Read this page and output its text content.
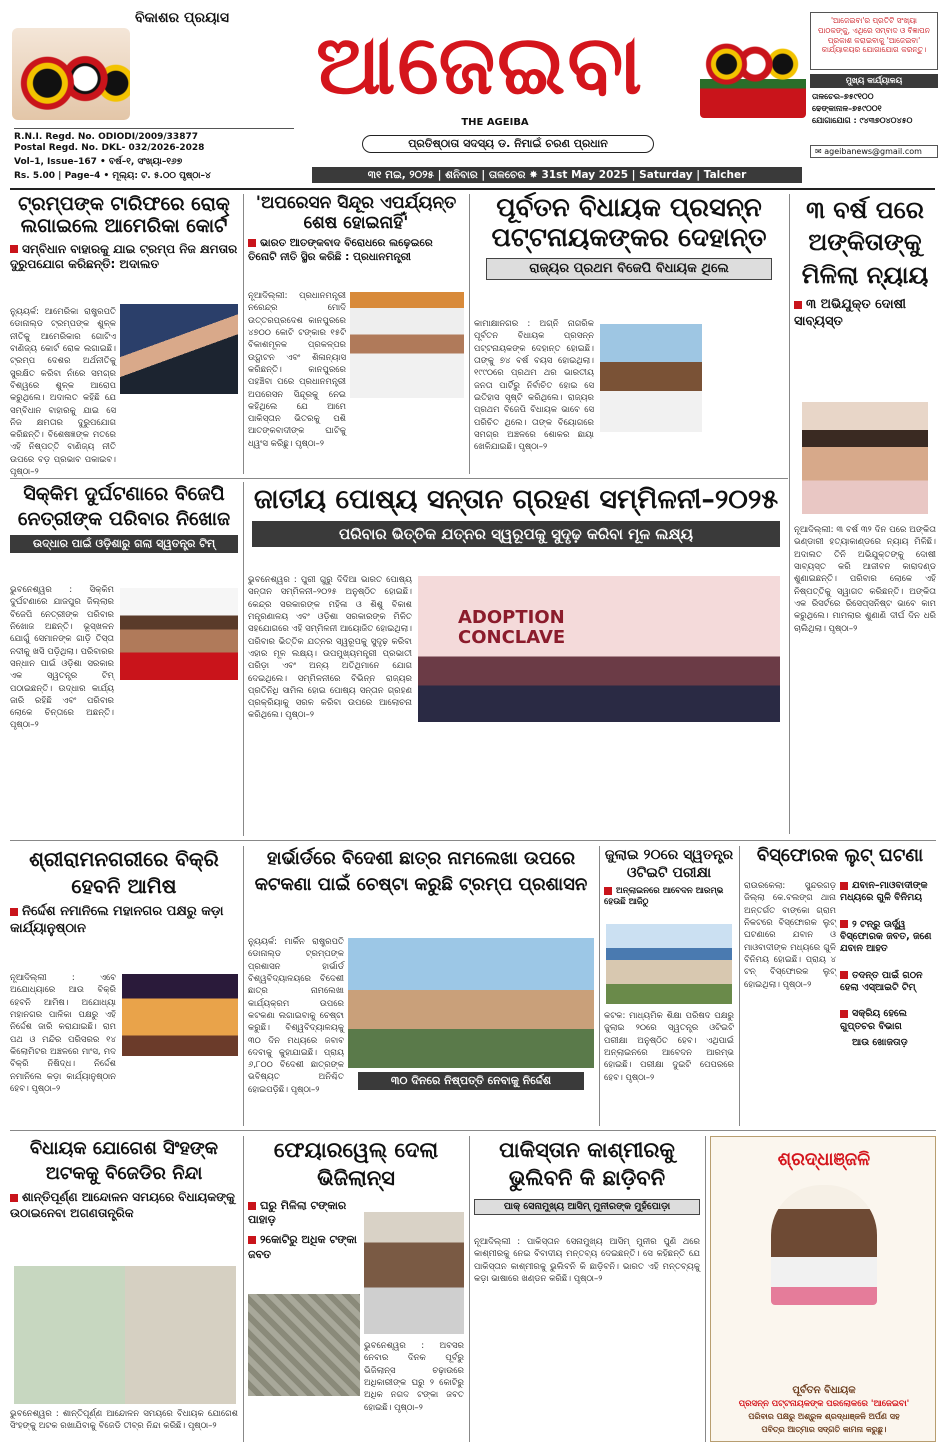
ବିକାଶର ପ୍ରୟାସ	ଆଜେଇବା
THE AGEIBA
ପ୍ରତିଷ୍ଠାତା ସଦସ୍ୟ ଡ. ନିମାଇଁ ଚରଣ ପ୍ରଧାନ
'ଆଜେଇବା'ର ପ୍ରତିଟି ସଂଖ୍ୟା ପାଠକଙ୍କୁ, ଏଥିରେ ସମ୍ବାଦ ଓ ବିଜ୍ଞାପନ ପ୍ରକାଶ କରାଇବାକୁ 'ଆଜେଇବା' କାର୍ଯ୍ୟାଳୟର ଯୋଗାଯୋଗ କରନ୍ତୁ।
ମୁଖ୍ୟ କାର୍ଯ୍ୟାଳୟ
ତାଳଚେର–୭୫୯୧୦୦
ଢେଙ୍କାନାଳ–୭୫୯୦୦୧
ଯୋଗାଯୋଗ : ୯୪୩୭୦୪୦୪୫୦
✉ ageibanews@gmail.com
R.N.I. Regd. No. ODIODI/2009/33877
Postal Regd. No. DKL- 032/2026-2028
Vol–1, Issue–167 • ବର୍ଷ–୧, ସଂଖ୍ୟା–୧୬୭
Rs. 5.00 | Page–4 • ମୂଲ୍ୟ: ଟ. ୫.୦୦ ପୃଷ୍ଠା–୪	୩୧ ମଇ, ୨୦୨୫ | ଶନିବାର | ତାଳଚେର ✸ 31st May 2025 | Saturday | Talcher
ଟ୍ରମ୍ପଙ୍କ ଟାରିଫରେ ରୋକ୍ ଲଗାଇଲେ ଆମେରିକା କୋର୍ଟ
ସମ୍ବିଧାନ ବାହାରକୁ ଯାଇ ଟ୍ରମ୍ପ ନିଜ କ୍ଷମତାର ଦୁରୁପଯୋଗ କରିଛନ୍ତି: ଅଦାଲତ
ନ୍ୟୁୟର୍କ: ଆମେରିକା ରାଷ୍ଟ୍ରପତି ଡୋନାଲ୍ଡ ଟ୍ରମ୍ପଙ୍କ ଶୁଳ୍କ ନୀତିକୁ ଆମେରିକାର ଗୋଟିଏ ବାଣିଜ୍ୟ କୋର୍ଟ ରୋକ ଲଗାଇଛି। ଟ୍ରମ୍ପ ଦେଶର ଅର୍ଥନୀତିକୁ ସୁରକ୍ଷିତ କରିବା ନାଁରେ ସମଗ୍ର ବିଶ୍ୱରେ ଶୁଳ୍କ ଆରୋପ କରୁଥିଲେ। ଅଦାଲତ କହିଛି ଯେ ସମ୍ବିଧାନ ବାହାରକୁ ଯାଇ ସେ ନିଜ କ୍ଷମତାର ଦୁରୁପଯୋଗ କରିଛନ୍ତି। ବିଶେଷଜ୍ଞଙ୍କ ମତରେ ଏହି ନିଷ୍ପତ୍ତି ବାଣିଜ୍ୟ ନୀତି ଉପରେ ବଡ଼ ପ୍ରଭାବ ପକାଇବ। ପୃଷ୍ଠା–୨
'ଅପରେସନ ସିନ୍ଦୂର ଏପର୍ଯ୍ୟନ୍ତ ଶେଷ ହୋଇନାହିଁ'
ଭାରତ ଆତଙ୍କବାଦ ବିରୋଧରେ ଲଢ଼େଇରେ ତିନୋଟି ନୀତି ସ୍ଥିର କରିଛି : ପ୍ରଧାନମନ୍ତ୍ରୀ
ନୂଆଦିଲ୍ଲୀ: ପ୍ରଧାନମନ୍ତ୍ରୀ ନରେନ୍ଦ୍ର ମୋଦି ଉତ୍ତରପ୍ରଦେଶ କାନପୁରରେ ୪୭୦୦ କୋଟି ଟଙ୍କାର ୧୫ଟି ବିକାଶମୂଳକ ପ୍ରକଳ୍ପର ଉଦ୍ଘାଟନ ଏବଂ ଶିଳାନ୍ୟାସ କରିଛନ୍ତି। କାନପୁରରେ ପହଞ୍ଚିବା ପରେ ପ୍ରଧାନମନ୍ତ୍ରୀ ଅପରେସନ ସିନ୍ଦୂରକୁ ନେଇ କହିଥିଲେ ଯେ ଆମେ ପାକିସ୍ତାନ ଭିତରକୁ ପଶି ଆତଙ୍କବାଦୀଙ୍କ ଘାଟିକୁ ଧ୍ୱଂସ କରିଛୁ। ପୃଷ୍ଠା–୨
ପୂର୍ବତନ ବିଧାୟକ ପ୍ରସନ୍ନ ପଟ୍ଟନାୟକଙ୍କର ଦେହାନ୍ତ
ରାଜ୍ୟର ପ୍ରଥମ ବିଜେପି ବିଧାୟକ ଥିଲେ
କାମାକ୍ଷାନଗର : ଅଗ୍ନି ନାଗରିକ ପୂର୍ବତନ ବିଧାୟକ ପ୍ରସନ୍ନ ପଟ୍ଟନାୟକଙ୍କ ଦେହାନ୍ତ ହୋଇଛି। ତାଙ୍କୁ ୭୪ ବର୍ଷ ବୟସ ହୋଇଥିଲା। ୧୯୯୦ରେ ପ୍ରଥମ ଥର ଭାରତୀୟ ଜନତା ପାର୍ଟିରୁ ନିର୍ବାଚିତ ହୋଇ ସେ ଇତିହାସ ସୃଷ୍ଟି କରିଥିଲେ। ରାଜ୍ୟର ପ୍ରଥମ ବିଜେପି ବିଧାୟକ ଭାବେ ସେ ପରିଚିତ ଥିଲେ। ତାଙ୍କ ବିୟୋଗରେ ସମଗ୍ର ଅଞ୍ଚଳରେ ଶୋକର ଛାୟା ଖେଳିଯାଇଛି। ପୃଷ୍ଠା–୨
୩ ବର୍ଷ ପରେ ଅଙ୍କିତାଙ୍କୁ ମିଳିଲା ନ୍ୟାୟ
୩ ଅଭିଯୁକ୍ତ ଦୋଷୀ ସାବ୍ୟସ୍ତ
ନୂଆଦିଲ୍ଲୀ: ୩ ବର୍ଷ ୩୨ ଦିନ ପରେ ଅଙ୍କିତା ଭଣ୍ଡାରୀ ହତ୍ୟାକାଣ୍ଡରେ ନ୍ୟାୟ ମିଳିଛି। ଅଦାଲତ ତିନି ଅଭିଯୁକ୍ତଙ୍କୁ ଦୋଷୀ ସାବ୍ୟସ୍ତ କରି ଆଜୀବନ କାରାଦଣ୍ଡ ଶୁଣାଇଛନ୍ତି। ପରିବାର ଲୋକେ ଏହି ନିଷ୍ପତ୍ତିକୁ ସ୍ୱାଗତ କରିଛନ୍ତି। ଅଙ୍କିତା ଏକ ରିସର୍ଟରେ ରିସେପ୍ସନିଷ୍ଟ ଭାବେ କାମ କରୁଥିଲେ। ମାମଲାର ଶୁଣାଣି ଦୀର୍ଘ ଦିନ ଧରି ଚାଲିଥିଲା। ପୃଷ୍ଠା–୨
ସିକ୍କିମ ଦୁର୍ଘଟଣାରେ ବିଜେପି ନେତ୍ରୀଙ୍କ ପରିବାର ନିଖୋଜ
ଉଦ୍ଧାର ପାଇଁ ଓଡ଼ିଶାରୁ ଗଲା ସ୍ୱତନ୍ତ୍ର ଟିମ୍
ଭୁବନେଶ୍ୱର : ସିକ୍କିମ ଦୁର୍ଘଟଣାରେ ଯାଜପୁର ଜିଲ୍ଲାର ବିଜେପି ନେତ୍ରୀଙ୍କ ପରିବାର ନିଖୋଜ ଅଛନ୍ତି। ଭୂସ୍ଖଳନ ଯୋଗୁଁ ସେମାନଙ୍କ ଗାଡ଼ି ତିସ୍ତା ନଦୀକୁ ଖସି ପଡ଼ିଥିଲା। ପରିବାରର ସନ୍ଧାନ ପାଇଁ ଓଡ଼ିଶା ସରକାର ଏକ ସ୍ୱତନ୍ତ୍ର ଟିମ୍ ପଠାଇଛନ୍ତି। ଉଦ୍ଧାର କାର୍ଯ୍ୟ ଜାରି ରହିଛି ଏବଂ ପରିବାର ଲୋକେ ଚିନ୍ତାରେ ଅଛନ୍ତି। ପୃଷ୍ଠା–୨
ଜାତୀୟ ପୋଷ୍ୟ ସନ୍ତାନ ଗ୍ରହଣ ସମ୍ମିଳନୀ–୨୦୨୫
ପରିବାର ଭିତ୍ତିକ ଯତ୍ନର ସ୍ୱରୂପକୁ ସୁଦୃଢ଼ କରିବା ମୂଳ ଲକ୍ଷ୍ୟ
ଭୁବନେଶ୍ୱର : ପୁରୀ ଗୁରୁ ଦିଦିଆ ଭାରତ ପୋଷ୍ୟ ସନ୍ତାନ ସମ୍ମିଳନୀ–୨୦୨୫ ଅନୁଷ୍ଠିତ ହୋଇଛି। କେନ୍ଦ୍ର ସରକାରଙ୍କ ମହିଳା ଓ ଶିଶୁ ବିକାଶ ମନ୍ତ୍ରଣାଳୟ ଏବଂ ଓଡ଼ିଶା ସରକାରଙ୍କ ମିଳିତ ସହଯୋଗରେ ଏହି ସମ୍ମିଳନୀ ଆୟୋଜିତ ହୋଇଥିଲା। ପରିବାର ଭିତ୍ତିକ ଯତ୍ନର ସ୍ୱରୂପକୁ ସୁଦୃଢ଼ କରିବା ଏହାର ମୂଳ ଲକ୍ଷ୍ୟ। ଉପମୁଖ୍ୟମନ୍ତ୍ରୀ ପ୍ରଭାତୀ ପରିଡ଼ା ଏବଂ ଅନ୍ୟ ଅତିଥିମାନେ ଯୋଗ ଦେଇଥିଲେ। ସମ୍ମିଳନୀରେ ବିଭିନ୍ନ ରାଜ୍ୟର ପ୍ରତିନିଧି ସାମିଲ ହୋଇ ପୋଷ୍ୟ ସନ୍ତାନ ଗ୍ରହଣ ପ୍ରକ୍ରିୟାକୁ ସରଳ କରିବା ଉପରେ ଆଲୋଚନା କରିଥିଲେ। ପୃଷ୍ଠା–୨
ADOPTION CONCLAVE
ଶ୍ରୀରାମନଗରୀରେ ବିକ୍ରି ହେବନି ଆମିଷ
ନିର୍ଦ୍ଦେଶ ନମାନିଲେ ମହାନଗର ପକ୍ଷରୁ କଡ଼ା କାର୍ଯ୍ୟାନୁଷ୍ଠାନ
ନୂଆଦିଲ୍ଲୀ : ଏବେ ଅଯୋଧ୍ୟାରେ ଆଉ ବିକ୍ରି ହେବନି ଆମିଷ। ଅଯୋଧ୍ୟା ମହାନଗର ପାଳିକା ପକ୍ଷରୁ ଏହି ନିର୍ଦ୍ଦେଶ ଜାରି କରାଯାଇଛି। ରାମ ପଥ ଓ ମନ୍ଦିର ପରିସରର ୧୪ କିଲୋମିଟର ଅଞ୍ଚଳରେ ମାଂସ, ମଦ ବିକ୍ରି ନିଷିଦ୍ଧ। ନିର୍ଦ୍ଦେଶ ନମାନିଲେ କଡ଼ା କାର୍ଯ୍ୟାନୁଷ୍ଠାନ ହେବ। ପୃଷ୍ଠା–୨
ହାର୍ଭାର୍ଡରେ ବିଦେଶୀ ଛାତ୍ର ନାମଲେଖା ଉପରେ କଟକଣା ପାଇଁ ଚେଷ୍ଟା କରୁଛି ଟ୍ରମ୍ପ ପ୍ରଶାସନ
ନ୍ୟୁୟର୍କ: ମାର୍କିନ ରାଷ୍ଟ୍ରପତି ଡୋନାଲ୍ଡ ଟ୍ରମ୍ପଙ୍କ ପ୍ରଶାସନ ହାର୍ଭାର୍ଡ ବିଶ୍ୱବିଦ୍ୟାଳୟରେ ବିଦେଶୀ ଛାତ୍ର ନାମଲେଖା କାର୍ଯ୍ୟକ୍ରମ ଉପରେ କଟକଣା ଲଗାଇବାକୁ ଚେଷ୍ଟା କରୁଛି। ବିଶ୍ୱବିଦ୍ୟାଳୟକୁ ୩୦ ଦିନ ମଧ୍ୟରେ ଜବାବ ଦେବାକୁ କୁହାଯାଇଛି। ପ୍ରାୟ ୬,୮୦୦ ବିଦେଶୀ ଛାତ୍ରଙ୍କ ଭବିଷ୍ୟତ ଅନିଶ୍ଚିତ ହୋଇପଡ଼ିଛି। ପୃଷ୍ଠା–୨
୩୦ ଦିନରେ ନିଷ୍ପତ୍ତି ନେବାକୁ ନିର୍ଦ୍ଦେଶ
ଜୁଲାଇ ୨୦ରେ ସ୍ୱତନ୍ତ୍ର ଓଟିଇଟି ପରୀକ୍ଷା
ଅନ୍‌ଲାଇନରେ ଆବେଦନ ଆରମ୍ଭ ହେଉଛି ଆଜିଠୁ
କଟକ: ମାଧ୍ୟମିକ ଶିକ୍ଷା ପରିଷଦ ପକ୍ଷରୁ ଜୁଲାଇ ୨୦ରେ ସ୍ୱତନ୍ତ୍ର ଓଟିଇଟି ପରୀକ୍ଷା ଅନୁଷ୍ଠିତ ହେବ। ଏଥିପାଇଁ ଅନ୍‌ଲାଇନରେ ଆବେଦନ ଆରମ୍ଭ ହୋଇଛି। ପରୀକ୍ଷା ଦୁଇଟି ପେପରରେ ହେବ। ପୃଷ୍ଠା–୨
ବିସ୍ଫୋରକ ଲୁଟ୍ ଘଟଣା
ରାଉରକେଲା: ସୁନ୍ଦରଗଡ଼ ଜିଲ୍ଲା କେ.ବଲଙ୍ଗ ଥାନା ଅନ୍ତର୍ଗତ ବାଙ୍କୋ ଗ୍ରାମ ନିକଟରେ ବିସ୍ଫୋରକ ଲୁଟ୍ ଘଟଣାରେ ଯବାନ ଓ ମାଓବାଦୀଙ୍କ ମଧ୍ୟରେ ଗୁଳି ବିନିମୟ ହୋଇଛି। ପ୍ରାୟ ୪ ଟନ୍ ବିସ୍ଫୋରକ ଲୁଟ୍ ହୋଇଥିଲା। ପୃଷ୍ଠା–୨
ଯବାନ–ମାଓବାଦୀଙ୍କ ମଧ୍ୟରେ ଗୁଳି ବିନିମୟ
୨ ଟନ୍‌ରୁ ଊର୍ଦ୍ଧ୍ୱ ବିସ୍ଫୋରକ ଜବତ, ଜଣେ ଯବାନ ଆହତ
ତଦନ୍ତ ପାଇଁ ଗଠନ ହେଲା ଏସ୍‌ଆଇଟି ଟିମ୍
ସକ୍ରିୟ ହେଲେ ଗୁପ୍ତଚର ବିଭାଗ
ଆଉ ଖୋଜତାଡ଼
ବିଧାୟକ ଯୋଗେଶ ସିଂହଙ୍କ ଅଟକକୁ ବିଜେଡିର ନିନ୍ଦା
ଶାନ୍ତିପୂର୍ଣ୍ଣ ଆନ୍ଦୋଳନ ସମୟରେ ବିଧାୟକଙ୍କୁ ଉଠାଇନେବା ଅଗଣତାନ୍ତ୍ରିକ
ଭୁବନେଶ୍ୱର : ଶାନ୍ତିପୂର୍ଣ୍ଣ ଆନ୍ଦୋଳନ ସମୟରେ ବିଧାୟକ ଯୋଗେଶ ସିଂହଙ୍କୁ ଅଟକ ରଖାଯିବାକୁ ବିଜେଡି ତୀବ୍ର ନିନ୍ଦା କରିଛି। ପୃଷ୍ଠା–୨
ଫେୟାରୱେଲ୍ ଦେଲା ଭିଜିଲାନ୍ସ
ଘରୁ ମିଳିଲା ଟଙ୍କାର ପାହାଡ଼
୨କୋଟିରୁ ଅଧିକ ଟଙ୍କା ଜବତ
ଭୁବନେଶ୍ୱର : ଅବସର ନେବାର ଦିନକ ପୂର୍ବରୁ ଭିଜିଲାନ୍ସ ଚଢ଼ାଉରେ ଅଧିକାରୀଙ୍କ ଘରୁ ୨ କୋଟିରୁ ଅଧିକ ନଗଦ ଟଙ୍କା ଜବତ ହୋଇଛି। ପୃଷ୍ଠା–୨
ପାକିସ୍ତାନ କାଶ୍ମୀରକୁ ଭୁଲିବନି କି ଛାଡ଼ିବନି
ପାକ୍ ସେନାମୁଖ୍ୟ ଆସିମ୍ ମୁନୀରଙ୍କ ମୁହଁପୋଡ଼ା
ନୂଆଦିଲ୍ଲୀ : ପାକିସ୍ତାନ ସେନାମୁଖ୍ୟ ଆସିମ୍ ମୁନୀର ପୁଣି ଥରେ କାଶ୍ମୀରକୁ ନେଇ ବିବାଦୀୟ ମନ୍ତବ୍ୟ ଦେଇଛନ୍ତି। ସେ କହିଛନ୍ତି ଯେ ପାକିସ୍ତାନ କାଶ୍ମୀରକୁ ଭୁଲିବନି କି ଛାଡ଼ିବନି। ଭାରତ ଏହି ମନ୍ତବ୍ୟକୁ କଡ଼ା ଭାଷାରେ ଖଣ୍ଡନ କରିଛି। ପୃଷ୍ଠା–୨
ଶ୍ରଦ୍ଧାଞ୍ଜଳି
ପୂର୍ବତନ ବିଧାୟକ
ପ୍ରସନ୍ନ ପଟ୍ଟନାୟକଙ୍କ ପରଲୋକରେ 'ଆଜେଇବା'
ପରିବାର ପକ୍ଷରୁ ଅଶ୍ରୁଳ ଶ୍ରଦ୍ଧାଞ୍ଜଳି ଅର୍ପଣ ସହ
ପବିତ୍ର ଆତ୍ମାର ସଦ୍‌ଗତି କାମନା କରୁଛୁ।
